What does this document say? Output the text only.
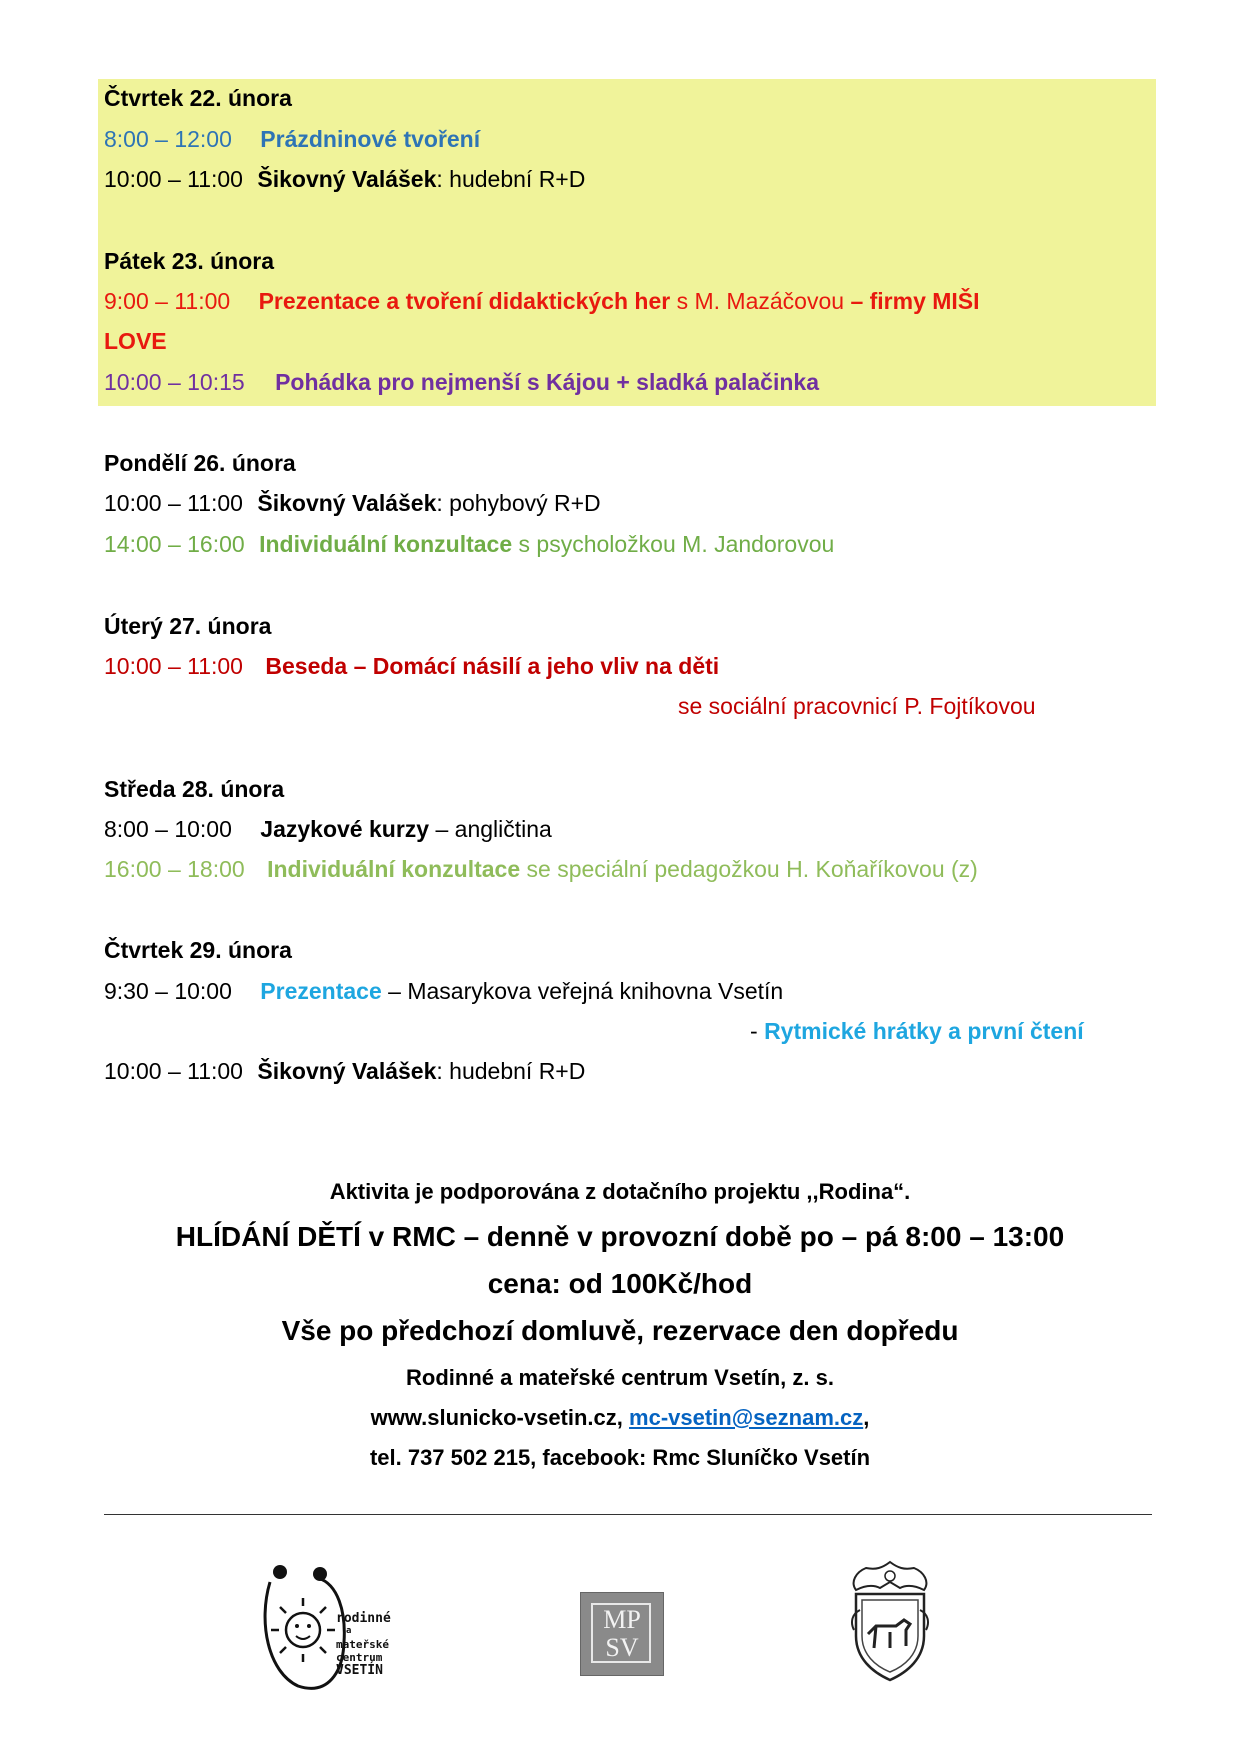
Čtvrtek 22. února
8:00 – 12:00 Prázdninové tvoření
10:00 – 11:00 Šikovný Valášek: hudební R+D
Pátek 23. února
9:00 – 11:00 Prezentace a tvoření didaktických her s M. Mazáčovou – firmy MIŠI
LOVE
10:00 – 10:15 Pohádka pro nejmenší s Kájou + sladká palačinka
Pondělí 26. února
10:00 – 11:00 Šikovný Valášek: pohybový R+D
14:00 – 16:00 Individuální konzultace s psycholožkou M. Jandorovou
Úterý 27. února
10:00 – 11:00 Beseda – Domácí násilí a jeho vliv na děti
se sociální pracovnicí P. Fojtíkovou
Středa 28. února
8:00 – 10:00 Jazykové kurzy – angličtina
16:00 – 18:00 Individuální konzultace se speciální pedagožkou H. Koňaříkovou (z)
Čtvrtek 29. února
9:30 – 10:00 Prezentace – Masarykova veřejná knihovna Vsetín
- Rytmické hrátky a první čtení
10:00 – 11:00 Šikovný Valášek: hudební R+D
Aktivita je podporována z dotačního projektu ,,Rodina“.
HLÍDÁNÍ DĚTÍ v RMC – denně v provozní době po – pá 8:00 – 13:00
cena: od 100Kč/hod
Vše po předchozí domluvě, rezervace den dopředu
Rodinné a mateřské centrum Vsetín, z. s.
www.slunicko-vsetin.cz, mc-vsetin@seznam.cz,
tel. 737 502 215, facebook: Rmc Sluníčko Vsetín
rodinné
a
mateřské
centrum
VSETÍN
MP
SV
